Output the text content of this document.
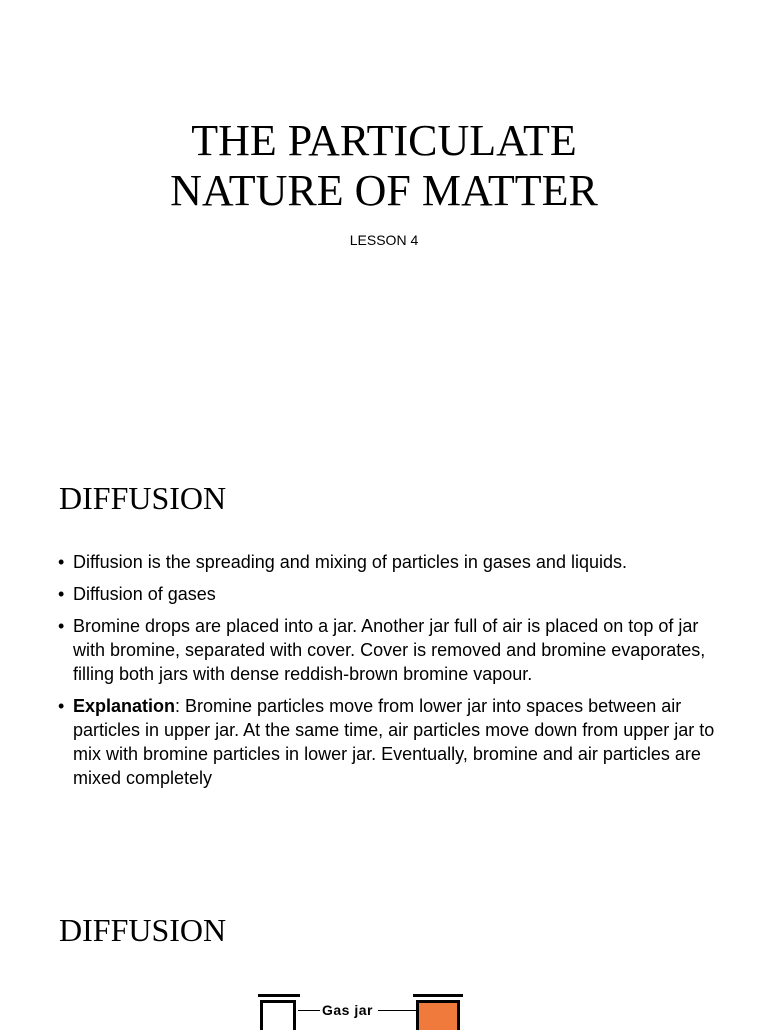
THE PARTICULATE
NATURE OF MATTER
LESSON 4
DIFFUSION
• Diffusion is the spreading and mixing of particles in gases and liquids.
• Diffusion of gases
• Bromine drops are placed into a jar. Another jar full of air is placed on top of jar with bromine, separated with cover. Cover is removed and bromine evaporates, filling both jars with dense reddish-brown bromine vapour.
• Explanation: Bromine particles move from lower jar into spaces between air particles in upper jar. At the same time, air particles move down from upper jar to mix with bromine particles in lower jar. Eventually, bromine and air particles are mixed completely
DIFFUSION
Gas jar
